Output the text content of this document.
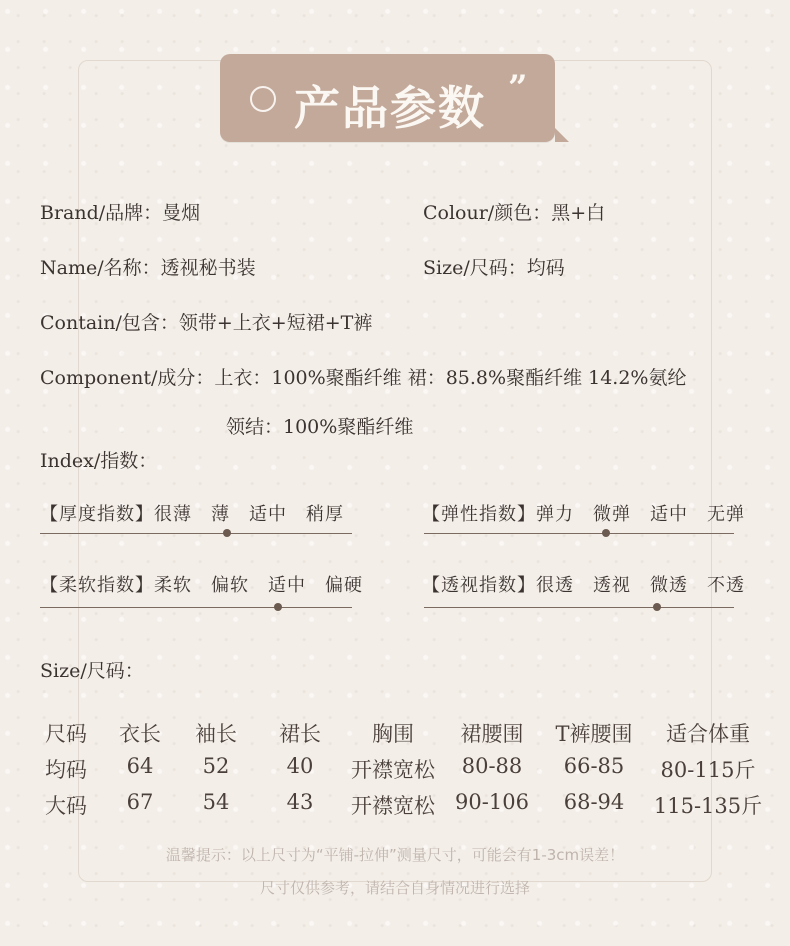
产品参数 ”
Brand/品牌：曼烟	Colour/颜色：黑+白
Name/名称：透视秘书装	Size/尺码：均码
Contain/包含：领带+上衣+短裙+T裤
Component/成分：上衣：100%聚酯纤维 裙：85.8%聚酯纤维 14.2%氨纶
领结：100%聚酯纤维
Index/指数：
【厚度指数】很薄　薄　适中　稍厚	【弹性指数】弹力　微弹　适中　无弹
【柔软指数】柔软　偏软　适中　偏硬	【透视指数】很透　透视　微透　不透
Size/尺码：
尺码 衣长 袖长 裙长 胸围 裙腰围 T裤腰围 适合体重
均码 64 52	40 开襟宽松 80-88 66-85 80-115斤
大码 67 54	43 开襟宽松 90-106 68-94 115-135斤
温馨提示：以上尺寸为“平铺-拉伸”测量尺寸，可能会有1-3cm误差！
尺寸仅供参考，请结合自身情况进行选择
